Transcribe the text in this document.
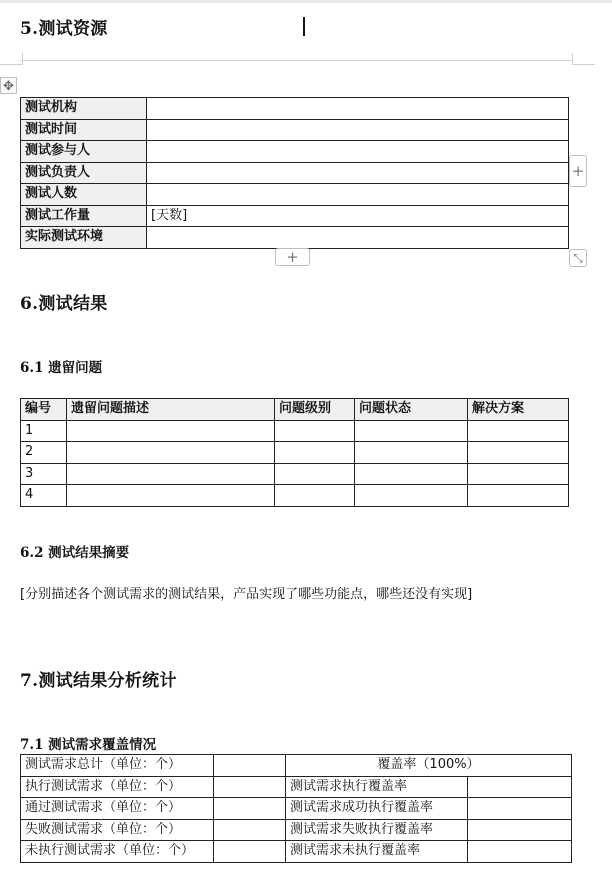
5.测试资源
✥
测试机构	
测试时间	
测试参与人	
测试负责人	
测试人数	
测试工作量	[天数]
实际测试环境	
+
+	⤡
6.测试结果
6.1 遗留问题
编号	遗留问题描述	问题级别	问题状态	解决方案
1				
2				
3				
4				
6.2 测试结果摘要

[分别描述各个测试需求的测试结果，产品实现了哪些功能点，哪些还没有实现]

7.测试结果分析统计
7.1 测试需求覆盖情况
测试需求总计（单位：个）		覆盖率（100%）	
执行测试需求（单位：个）		测试需求执行覆盖率	
通过测试需求（单位：个）		测试需求成功执行覆盖率	
失败测试需求（单位：个）		测试需求失败执行覆盖率	
未执行测试需求（单位：个）		测试需求未执行覆盖率	
